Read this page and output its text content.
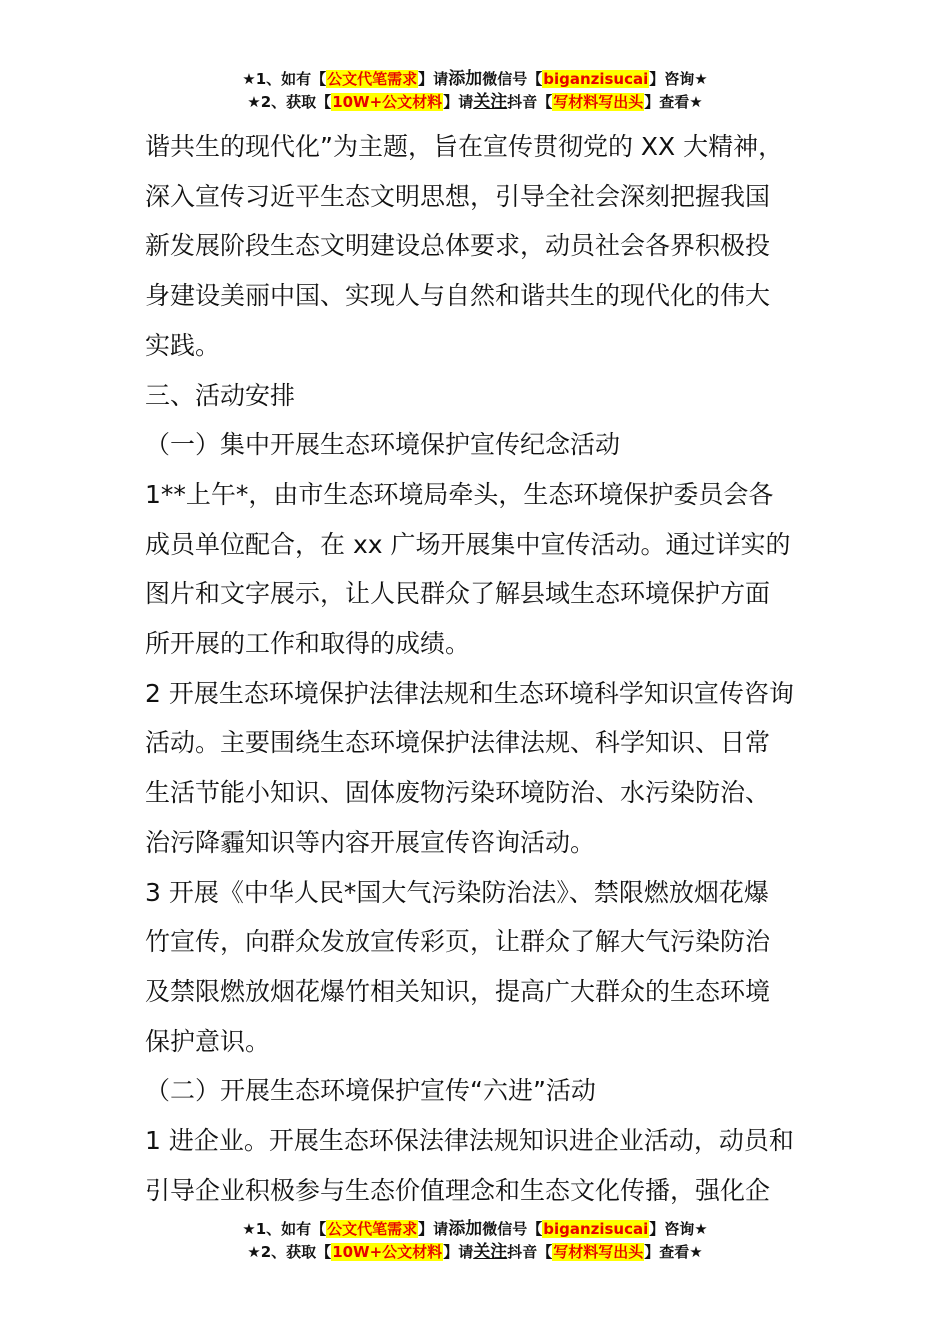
★1、如有【公文代笔需求】请添加微信号【biganzisucai】咨询★
★2、获取【10W+公文材料】请关注抖音【写材料写出头】查看★

谐共生的现代化”为主题，旨在宣传贯彻党的 XX 大精神，

深入宣传习近平生态文明思想，引导全社会深刻把握我国

新发展阶段生态文明建设总体要求，动员社会各界积极投

身建设美丽中国、实现人与自然和谐共生的现代化的伟大

实践。

三、活动安排

（一）集中开展生态环境保护宣传纪念活动

1**上午*，由市生态环境局牵头，生态环境保护委员会各

成员单位配合，在 xx 广场开展集中宣传活动。通过详实的

图片和文字展示，让人民群众了解县域生态环境保护方面

所开展的工作和取得的成绩。

2 开展生态环境保护法律法规和生态环境科学知识宣传咨询

活动。主要围绕生态环境保护法律法规、科学知识、日常

生活节能小知识、固体废物污染环境防治、水污染防治、

治污降霾知识等内容开展宣传咨询活动。

3 开展《中华人民*国大气污染防治法》、禁限燃放烟花爆

竹宣传，向群众发放宣传彩页，让群众了解大气污染防治

及禁限燃放烟花爆竹相关知识，提高广大群众的生态环境

保护意识。

（二）开展生态环境保护宣传“六进”活动

1 进企业。开展生态环保法律法规知识进企业活动，动员和

引导企业积极参与生态价值理念和生态文化传播，强化企

★1、如有【公文代笔需求】请添加微信号【biganzisucai】咨询★
★2、获取【10W+公文材料】请关注抖音【写材料写出头】查看★
